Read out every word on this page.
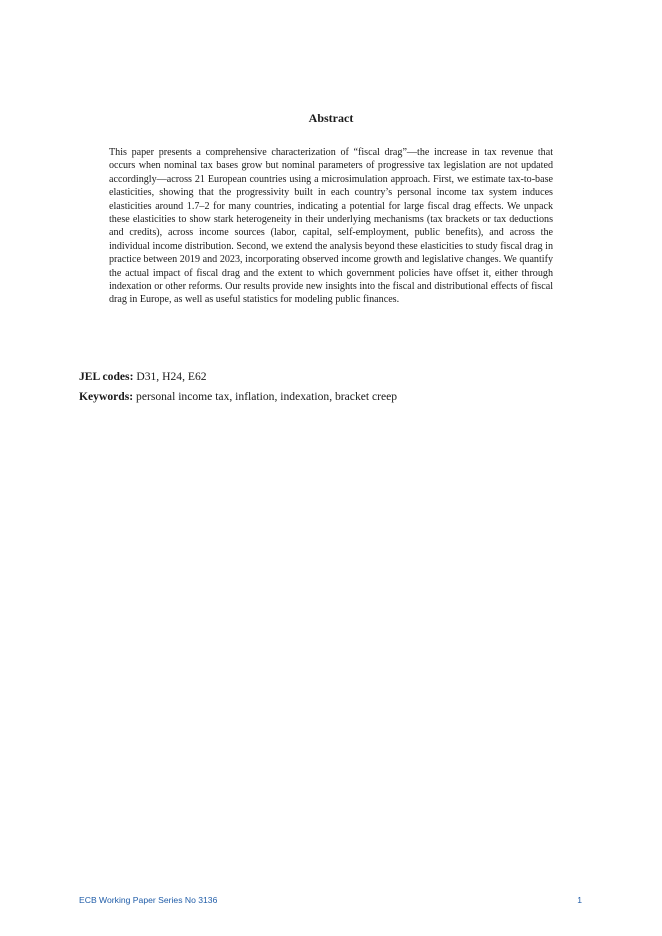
Abstract

This paper presents a comprehensive characterization of “fiscal drag”—the increase in tax revenue that occurs when nominal tax bases grow but nominal parameters of progressive tax legislation are not updated accordingly—across 21 European countries using a microsimulation approach. First, we estimate tax-to-base elasticities, showing that the progressivity built in each country’s personal income tax system induces elasticities around 1.7–2 for many countries, indicating a potential for large fiscal drag effects. We unpack these elasticities to show stark heterogeneity in their underlying mechanisms (tax brackets or tax deductions and credits), across income sources (labor, capital, self-employment, public benefits), and across the individual income distribution. Second, we extend the analysis beyond these elasticities to study fiscal drag in practice between 2019 and 2023, incorporating observed income growth and legislative changes. We quantify the actual impact of fiscal drag and the extent to which government policies have offset it, either through indexation or other reforms. Our results provide new insights into the fiscal and distributional effects of fiscal drag in Europe, as well as useful statistics for modeling public finances.

JEL codes: D31, H24, E62

Keywords: personal income tax, inflation, indexation, bracket creep

ECB Working Paper Series No 3136	1
